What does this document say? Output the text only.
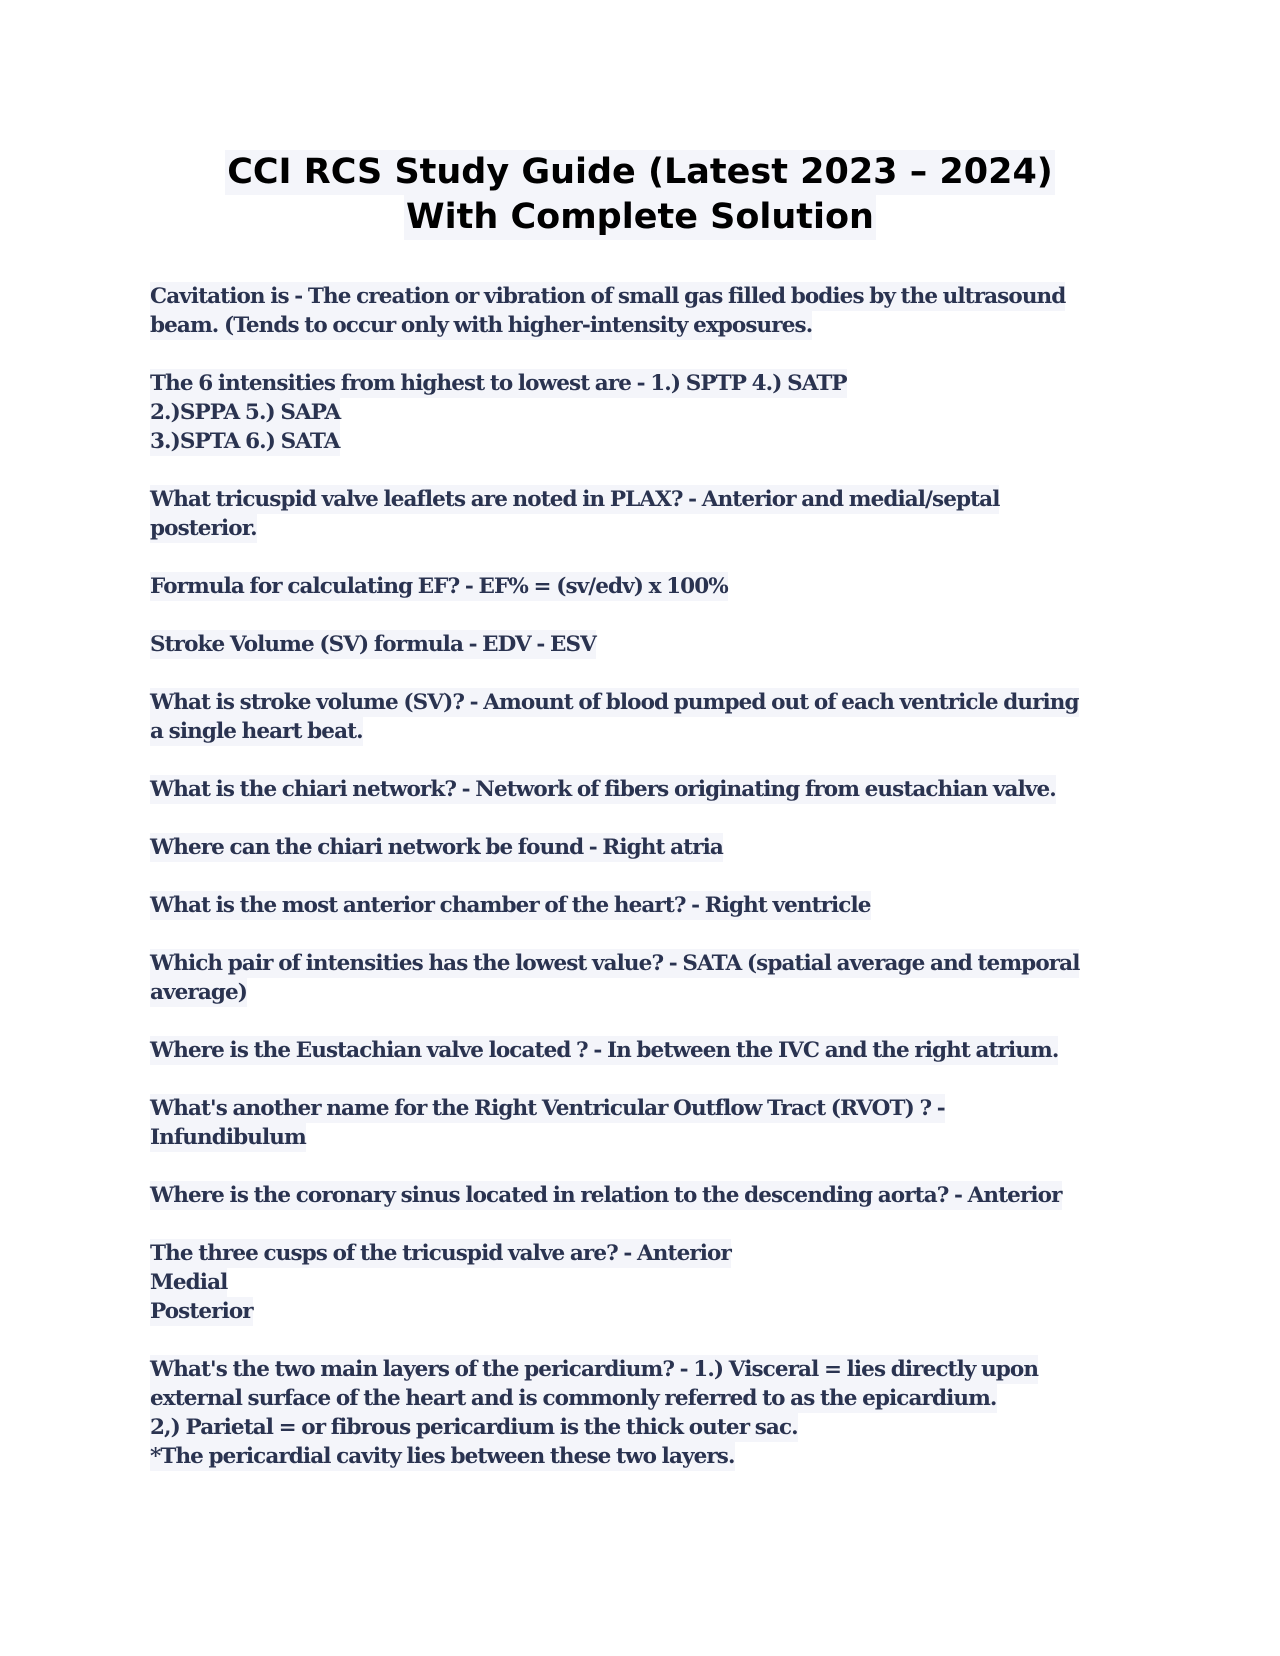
CCI RCS Study Guide (Latest 2023 – 2024)
With Complete Solution
Cavitation is - The creation or vibration of small gas filled bodies by the ultrasound
beam. (Tends to occur only with higher-intensity exposures.
The 6 intensities from highest to lowest are - 1.) SPTP 4.) SATP
2.)SPPA 5.) SAPA
3.)SPTA 6.) SATA
What tricuspid valve leaflets are noted in PLAX? - Anterior and medial/septal
posterior.
Formula for calculating EF? - EF% = (sv/edv) x 100%
Stroke Volume (SV) formula - EDV - ESV
What is stroke volume (SV)? - Amount of blood pumped out of each ventricle during
a single heart beat.
What is the chiari network? - Network of fibers originating from eustachian valve.
Where can the chiari network be found - Right atria
What is the most anterior chamber of the heart? - Right ventricle
Which pair of intensities has the lowest value? - SATA (spatial average and temporal
average)
Where is the Eustachian valve located ? - In between the IVC and the right atrium.
What's another name for the Right Ventricular Outflow Tract (RVOT) ? -
Infundibulum
Where is the coronary sinus located in relation to the descending aorta? - Anterior
The three cusps of the tricuspid valve are? - Anterior
Medial
Posterior
What's the two main layers of the pericardium? - 1.) Visceral = lies directly upon
external surface of the heart and is commonly referred to as the epicardium.
2,) Parietal = or fibrous pericardium is the thick outer sac.
*The pericardial cavity lies between these two layers.
